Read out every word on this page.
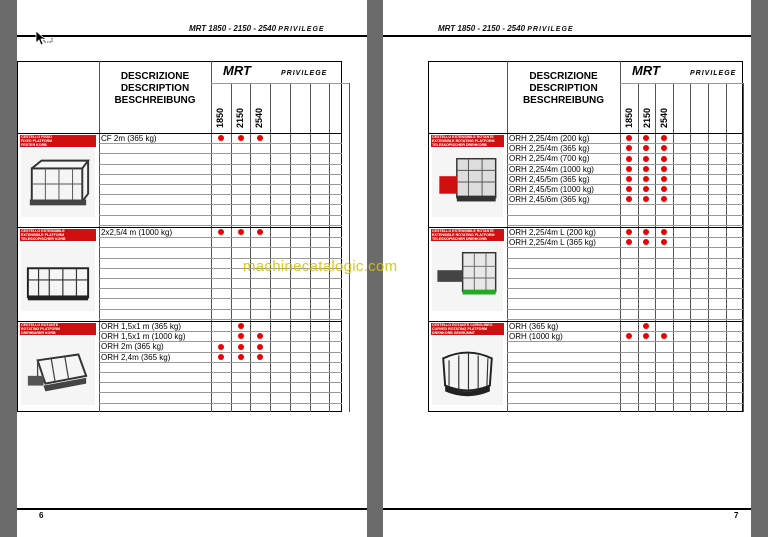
MRT 1850 - 2150 - 2540 PRIVILEGE
6
DESCRIZIONE
DESCRIPTION
BESCHREIBUNG
MRT	PRIVILEGE
1850 2150 2540
CESTELLO FISSO
FIXED PLATFORM
FESTER KORB
CF 2m (365 kg)
CESTELLO ESTENSIBILE
EXTENSIBLE PLATFORM
TELESKOPISCHER KORB
2x2,5/4 m (1000 kg)
CESTELLO ROTANTE
ROTATING PLATFORM
DREHBARER KORB
ORH 1,5x1 m (365 kg)
ORH 1,5x1 m (1000 kg)
ORH 2m (365 kg)
ORH 2,4m (365 kg)
MRT 1850 - 2150 - 2540 PRIVILEGE
7
DESCRIZIONE
DESCRIPTION
BESCHREIBUNG
MRT	PRIVILEGE
1850 2150 2540
CESTELLO ESTENSIBILE ROTANTE
EXTENSIBLE ROTATING PLATFORM
TELESKOPISCHER DREHKORB
ORH 2,25/4m (200 kg)
ORH 2,25/4m (365 kg)
ORH 2,25/4m (700 kg)
ORH 2,25/4m (1000 kg)
ORH 2,45/5m (365 kg)
ORH 2,45/5m (1000 kg)
ORH 2,45/6m (365 kg)
CESTELLO ESTENSIBILE ROTANTE
EXTENSIBLE ROTATING PLATFORM
TELESKOPISCHER DREHKORB
ORH 2,25/4m L (200 kg)
ORH 2,25/4m L (365 kg)
CESTELLO ROTANTE CURVILINEO
CURVED ROTATING PLATFORM
DREHKORB GEKRÜMMT
ORH (365 kg)
ORH (1000 kg)
machinecatalogic.com
